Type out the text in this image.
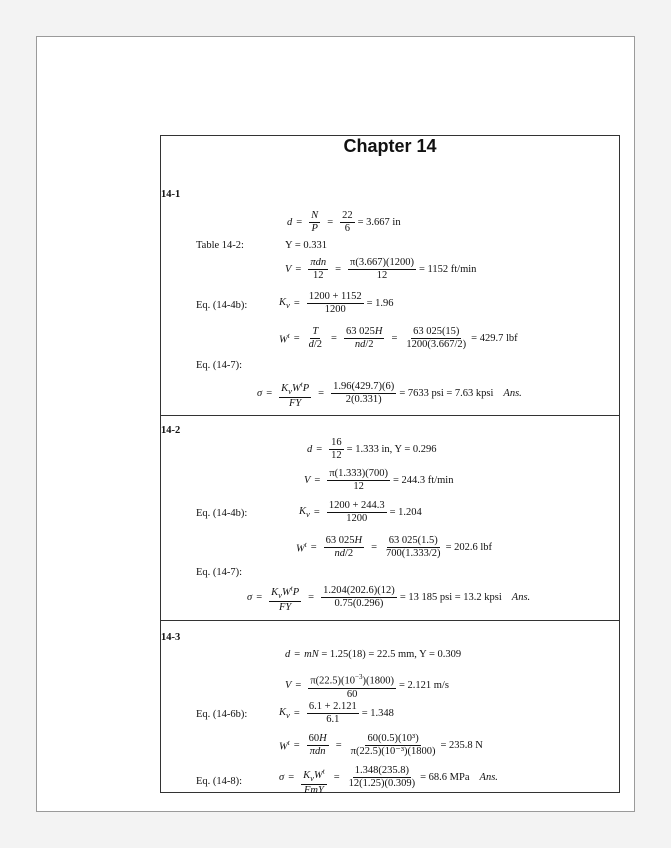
Chapter 14
14-1
$d = \frac{N}{P} = \frac{22}{6} = 3.667$ in
Table 14-2:	Y = 0.331
$V = \frac{\text{πdn}}{12} = \frac{\pi(3.667)(1200)}{12} = 1152$ ft/min
Eq. (14-4b):	$K_v = \frac{1200 + 1152}{1200} = 1.96$
$W^t = \frac{T}{d/2} = \frac{63 025H}{nd/2} = \frac{63 025(15)}{1200(3.667/2)} = 429.7$ lbf
Eq. (14-7):
$\sigma = \frac{K_vW^tP}{FY} = \frac{1.96(429.7)(6)}{2(0.331)} = 7633$ psi = 7.63 kpsi Ans.
14-2
$d = \frac{16}{12} = 1.333$ in, Y = 0.296
$V = \frac{\pi(1.333)(700)}{12} = 244.3$ ft/min
Eq. (14-4b):	$K_v = \frac{1200 + 244.3}{1200} = 1.204$
$W^t = \frac{63 025H}{nd/2} = \frac{63 025(1.5)}{700(1.333/2)} = 202.6$ lbf
Eq. (14-7):
$\sigma = \frac{K_vW^tP}{FY} = \frac{1.204(202.6)(12)}{0.75(0.296)} = 13$ 185 psi = 13.2 kpsi Ans.
14-3
d = mN
= 1.25(18) = 22.5 mm, Y = 0.309
$V = \frac{\pi(22.5)(10^{-3})(1800)}{60} = 2.121$ m/s
Eq. (14-6b):	$K_v = \frac{6.1 + 2.121}{6.1} = 1.348$
$W^t = \frac{60H}{\text{πdn}} = \frac{\text{60(0.5)(10³)}}{\text{π(22.5)(10⁻³)(1800)}} = 235.8$ N
Eq. (14-8):	$\sigma = \frac{K_vW^t}{\text{FmY}} = \frac{1.348(235.8)}{12(1.25)(0.309)} = 68.6$ MPa Ans.
